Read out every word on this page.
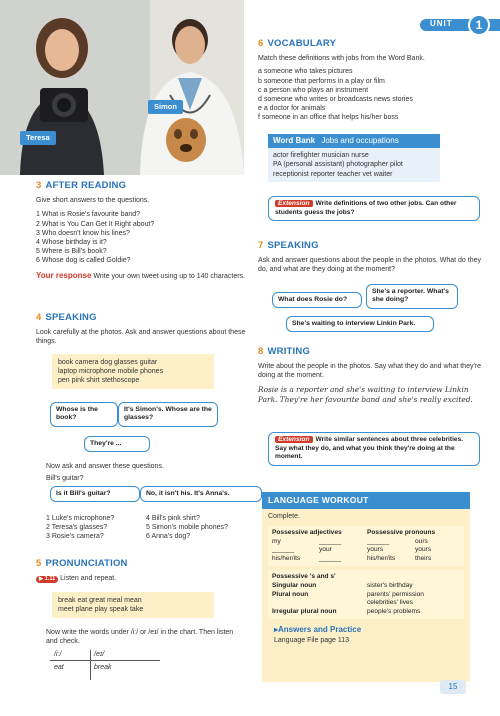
UNIT	1
Simon
Teresa
3 AFTER READING
Give short answers to the questions.
1 What is Rosie's favourite band?
2 What is You Can Get It Right about?
3 Who doesn't know his lines?
4 Whose birthday is it?
5 Where is Bill's book?
6 Whose dog is called Goldie?
Your response Write your own tweet using up to 140 characters.
4 SPEAKING
Look carefully at the photos. Ask and answer questions about these things.
book camera dog glasses guitar
laptop microphone mobile phones
pen pink shirt stethoscope
Whose is the book?
It's Simon's. Whose are the glasses?
They're ...
Now ask and answer these questions.
Bill's guitar?
Is it Bill's guitar?	No, it isn't his. It's Anna's.
1 Luke's microphone?
2 Teresa's glasses?
3 Rosie's camera?
4 Bill's pink shirt?
5 Simon's mobile phones?
6 Anna's dog?
5 PRONUNCIATION
▶ 1.11 Listen and repeat.
break eat great meal mean
meet plane play speak take
Now write the words under /iː/ or /eɪ/ in the chart. Then listen and check.
/iː/	/eɪ/
eat	break
6 VOCABULARY
Match these definitions with jobs from the Word Bank.
a someone who takes pictures
b someone that performs in a play or film
c a person who plays an instrument
d someone who writes or broadcasts news stories
e a doctor for animals
f someone in an office that helps his/her boss
Word Bank Jobs and occupations
actor firefighter musician nurse
PA (personal assistant) photographer pilot
receptionist reporter teacher vet waiter
Extension Write definitions of two other jobs. Can other students guess the jobs?
7 SPEAKING
Ask and answer questions about the people in the photos. What do they do, and what are they doing at the moment?
What does Rosie do?
She's a reporter. What's she doing?
She's waiting to interview Linkin Park.
8 WRITING
Write about the people in the photos. Say what they do and what they're doing at the moment.
Rosie is a reporter and she's waiting to interview Linkin Park. They're her favourite band and she's really excited.
Extension Write similar sentences about three celebrities. Say what they do, and what you think they're doing at the moment.
LANGUAGE WORKOUT
Complete.
Possessive adjectives	Possessive pronouns
my	______	______	ours
______	your	yours	yours
his/her/its	______	his/her/its	theirs
Possessive 's and s'
Singular noun	sister's birthday
Plural noun	parents' permission
celebrities' lives
Irregular plural noun	people's problems
▸Answers and Practice
Language File page 113
15
